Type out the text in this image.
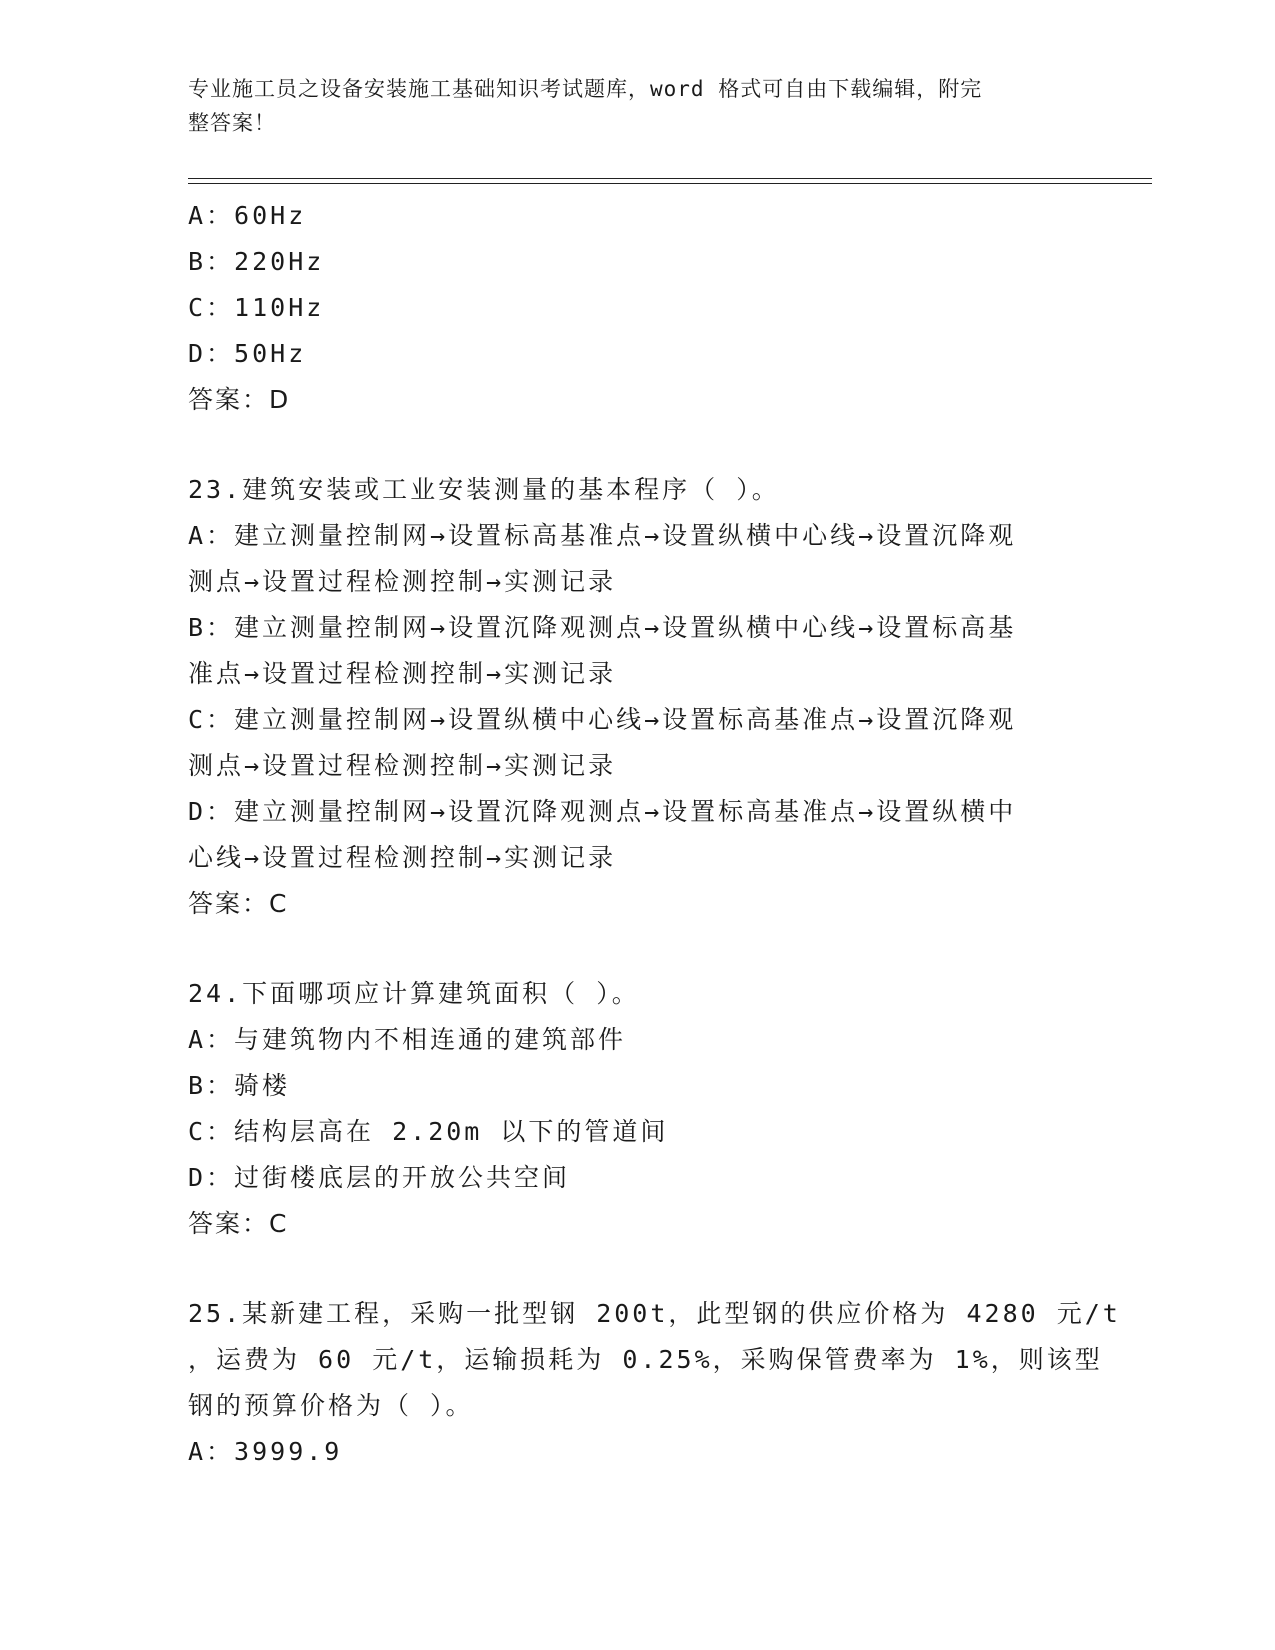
专业施工员之设备安装施工基础知识考试题库，word 格式可自由下载编辑，附完
整答案！
A：60Hz
B：220Hz
C：110Hz
D：50Hz
答案：D
23.建筑安装或工业安装测量的基本程序（ ）。
A：建立测量控制网→设置标高基准点→设置纵横中心线→设置沉降观
测点→设置过程检测控制→实测记录
B：建立测量控制网→设置沉降观测点→设置纵横中心线→设置标高基
准点→设置过程检测控制→实测记录
C：建立测量控制网→设置纵横中心线→设置标高基准点→设置沉降观
测点→设置过程检测控制→实测记录
D：建立测量控制网→设置沉降观测点→设置标高基准点→设置纵横中
心线→设置过程检测控制→实测记录
答案：C
24.下面哪项应计算建筑面积（ ）。
A：与建筑物内不相连通的建筑部件
B：骑楼
C：结构层高在 2.20m 以下的管道间
D：过街楼底层的开放公共空间
答案：C
25.某新建工程，采购一批型钢 200t，此型钢的供应价格为 4280 元/t
，运费为 60 元/t，运输损耗为 0.25%，采购保管费率为 1%，则该型
钢的预算价格为（ ）。
A：3999.9
